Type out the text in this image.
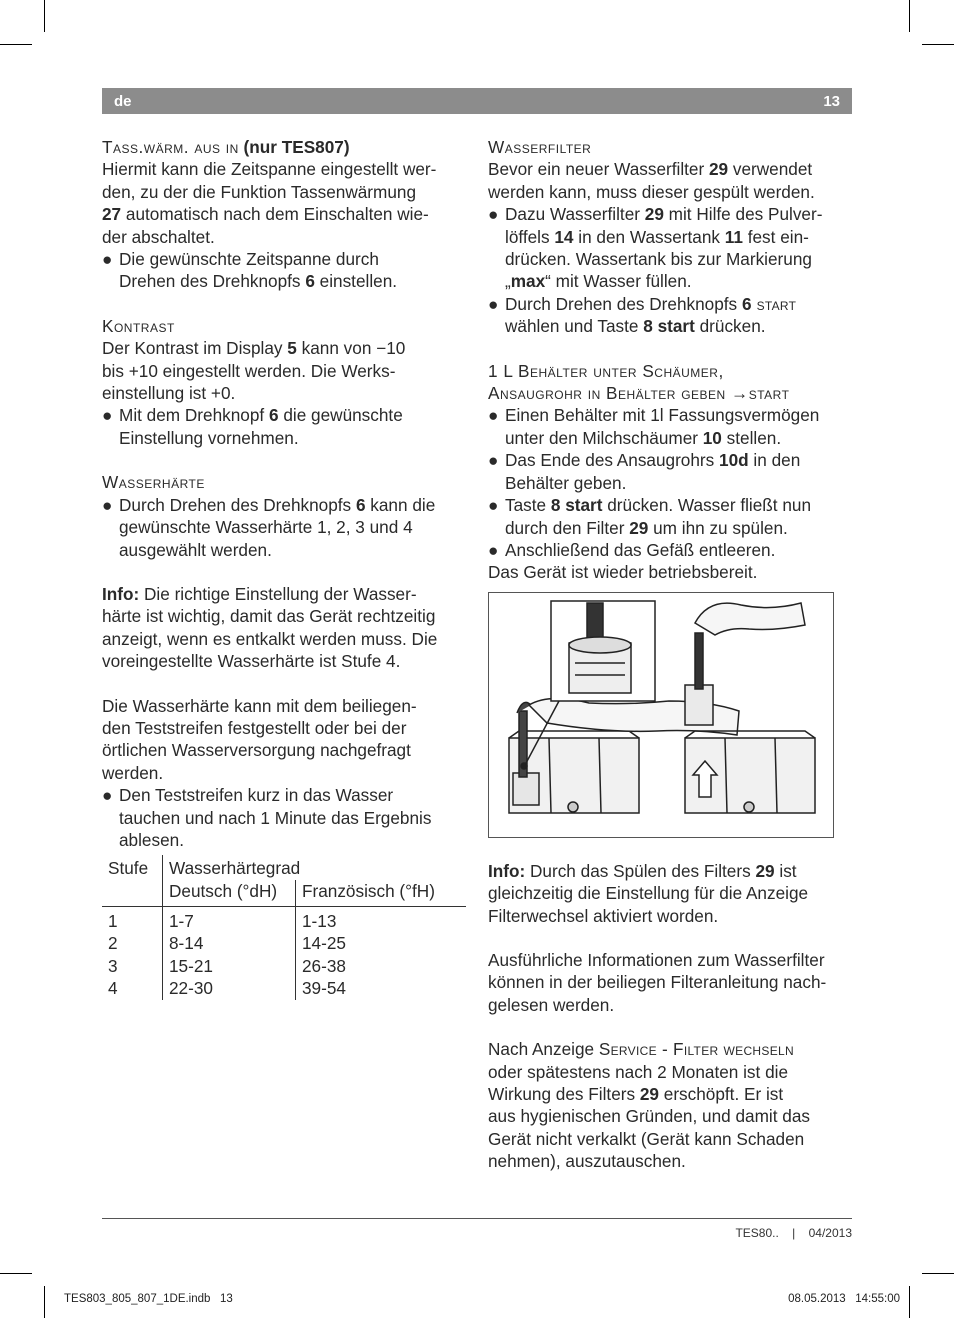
de	13

Tass.wärm. aus in (nur TES807)

Hiermit kann die Zeitspanne eingestellt wer-
den, zu der die Funktion Tassenwärmung
27 automatisch nach dem Einschalten wie-
der abschaltet.

● Die gewünschte Zeitspanne durch
Drehen des Drehknopfs 6 einstellen.

Kontrast

Der Kontrast im Display 5 kann von −10
bis +10 eingestellt werden. Die Werks-
einstellung ist +0.

● Mit dem Drehknopf 6 die gewünschte
Einstellung vornehmen.

Wasserhärte

● Durch Drehen des Drehknopfs 6 kann die
gewünschte Wasserhärte 1, 2, 3 und 4
ausgewählt werden.
Info: Die richtige Einstellung der Wasser-
härte ist wichtig, damit das Gerät rechtzeitig
anzeigt, wenn es entkalkt werden muss. Die
voreingestellte Wasserhärte ist Stufe 4.
Die Wasserhärte kann mit dem beiliegen-
den Teststreifen festgestellt oder bei der
örtlichen Wasserversorgung nachgefragt
werden.
● Den Teststreifen kurz in das Wasser
tauchen und nach 1 Minute das Ergebnis
ablesen.
Stufe	Wasserhärtegrad	
	Deutsch (°dH)	Französisch (°fH)
1	1-7	1-13
2	8-14	14-25
3	15-21	26-38
4	22-30	39-54

Wasserfilter

Bevor ein neuer Wasserfilter 29 verwendet
werden kann, muss dieser gespült werden.

● Dazu Wasserfilter 29 mit Hilfe des Pulver-
löffels 14 in den Wassertank 11 fest ein-
drücken. Wassertank bis zur Markierung
„max“ mit Wasser füllen.
● Durch Drehen des Drehknopfs 6 start
wählen und Taste 8 start drücken.

1 L Behälter unter Schäumer,

Ansaugrohr in Behälter geben →start

● Einen Behälter mit 1l Fassungsvermögen
unter den Milchschäumer 10 stellen.
● Das Ende des Ansaugrohrs 10d in den
Behälter geben.
● Taste 8 start drücken. Wasser fließt nun
durch den Filter 29 um ihn zu spülen.
● Anschließend das Gefäß entleeren.

Das Gerät ist wieder betriebsbereit.

Info: Durch das Spülen des Filters 29 ist
gleichzeitig die Einstellung für die Anzeige
Filterwechsel aktiviert worden.
Ausführliche Informationen zum Wasserfilter
können in der beiliegen Filteranleitung nach-
gelesen werden.
Nach Anzeige Service - Filter wechseln
oder spätestens nach 2 Monaten ist die
Wirkung des Filters 29 erschöpft. Er ist
aus hygienischen Gründen, und damit das
Gerät nicht verkalkt (Gerät kann Schaden
nehmen), auszutauschen.
TES80.. | 04/2013
TES803_805_807_1DE.indb   13	08.05.2013   14:55:00
